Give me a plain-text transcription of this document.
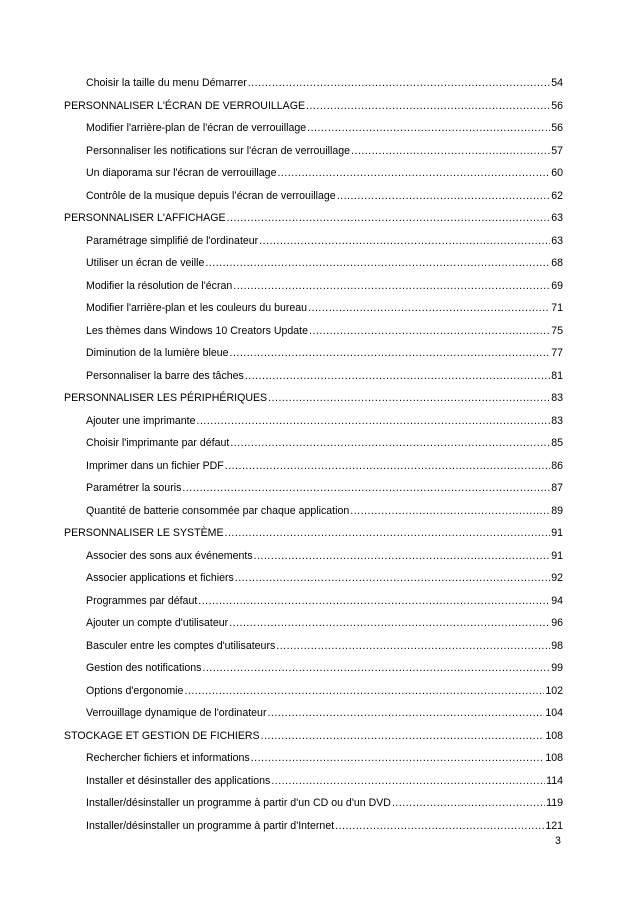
Choisir la taille du menu Démarrer .....	54
PERSONNALISER L'ÉCRAN DE VERROUILLAGE .....	56
Modifier l'arrière-plan de l'écran de verrouillage .....	56
Personnaliser les notifications sur l'écran de verrouillage .....	57
Un diaporama sur l'écran de verrouillage .....	60
Contrôle de la musique depuis l’écran de verrouillage .....	62
PERSONNALISER L'AFFICHAGE .....	63
Paramétrage simplifié de l'ordinateur .....	63
Utiliser un écran de veille .....	68
Modifier la résolution de l'écran .....	69
Modifier l'arrière-plan et les couleurs du bureau .....	71
Les thèmes dans Windows 10 Creators Update .....	75
Diminution de la lumière bleue .....	77
Personnaliser la barre des tâches .....	81
PERSONNALISER LES PÉRIPHÉRIQUES .....	83
Ajouter une imprimante .....	83
Choisir l'imprimante par défaut .....	85
Imprimer dans un fichier PDF .....	86
Paramétrer la souris .....	87
Quantité de batterie consommée par chaque application .....	89
PERSONNALISER LE SYSTÈME .....	91
Associer des sons aux événements .....	91
Associer applications et fichiers .....	92
Programmes par défaut .....	94
Ajouter un compte d'utilisateur .....	96
Basculer entre les comptes d'utilisateurs .....	98
Gestion des notifications .....	99
Options d'ergonomie .....	102
Verrouillage dynamique de l'ordinateur .....	104
STOCKAGE ET GESTION DE FICHIERS .....	108
Rechercher fichiers et informations .....	108
Installer et désinstaller des applications .....	114
Installer/désinstaller un programme à partir d'un CD ou d'un DVD .....	119
Installer/désinstaller un programme à partir d'Internet .....	121
3
